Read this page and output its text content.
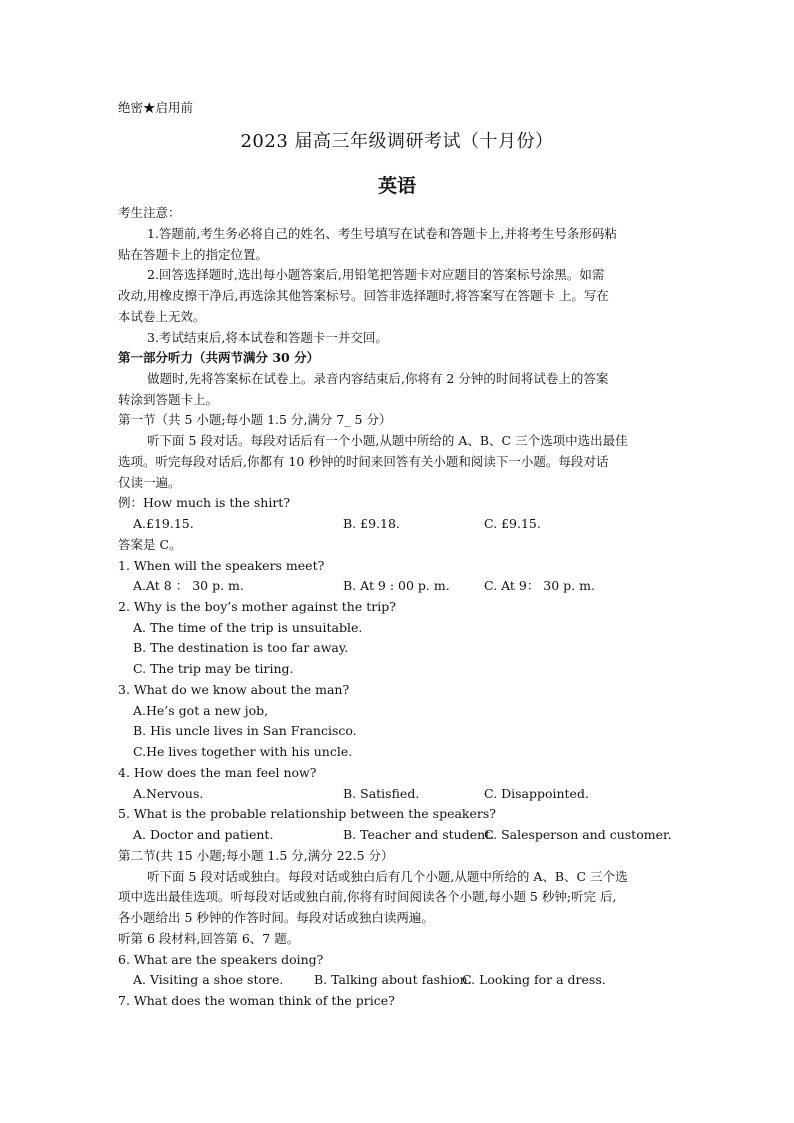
绝密★启用前
2023 届高三年级调研考试（十月份）
英语
考生注意：
1.答题前,考生务必将自己的姓名、考生号填写在试卷和答题卡上,并将考生号条形码粘
贴在答题卡上的指定位置。
2.回答选择题时,选出每小题答案后,用铅笔把答题卡对应题目的答案标号涂黑。如需
改动,用橡皮擦干净后,再选涂其他答案标号。回答非选择题时,将答案写在答题卡 上。写在
本试卷上无效。
3.考试结束后,将本试卷和答题卡一并交回。
第一部分听力（共两节满分 30 分）
做题时,先将答案标在试卷上。录音内容结束后,你将有 2 分钟的时间将试卷上的答案
转涂到答题卡上。
第一节（共 5 小题;每小题 1.5 分,满分 7_ 5 分）
听下面 5 段对话。每段对话后有一个小题,从题中所给的 A、B、C 三个选项中选出最佳
选项。听完每段对话后,你都有 10 秒钟的时间来回答有关小题和阅读下一小题。每段对话
仅读一遍。
例：How much is the shirt?
A.£19.15.	B. £9.18.	C. £9.15.
答案是 C。
1. When will the speakers meet?
A.At 8 ： 30 p. m.	B. At 9 : 00 p. m.	C. At 9： 30 p. m.
2. Why is the boy’s mother against the trip?
A. The time of the trip is unsuitable.
B. The destination is too far away.
C. The trip may be tiring.
3. What do we know about the man?
A.He’s got a new job,
B. His uncle lives in San Francisco.
C.He lives together with his uncle.
4. How does the man feel now?
A.Nervous.	B. Satisfied.	C. Disappointed.
5. What is the probable relationship between the speakers?
A. Doctor and patient.	B. Teacher and student.
C. Salesperson and customer.
第二节(共 15 小题;每小题 1.5 分,满分 22.5 分）
听下面 5 段对话或独白。每段对话或独白后有几个小题,从题中所给的 A、B、C 三个选
项中选出最佳选项。听每段对话或独白前,你将有时间阅读各个小题,每小题 5 秒钟;听完 后,
各小题给出 5 秒钟的作答时间。每段对话或独白读两遍。
听第 6 段材料,回答第 6、7 题。
6. What are the speakers doing?
A. Visiting a shoe store. B. Talking about fashion.
C. Looking for a dress.
7. What does the woman think of the price?
